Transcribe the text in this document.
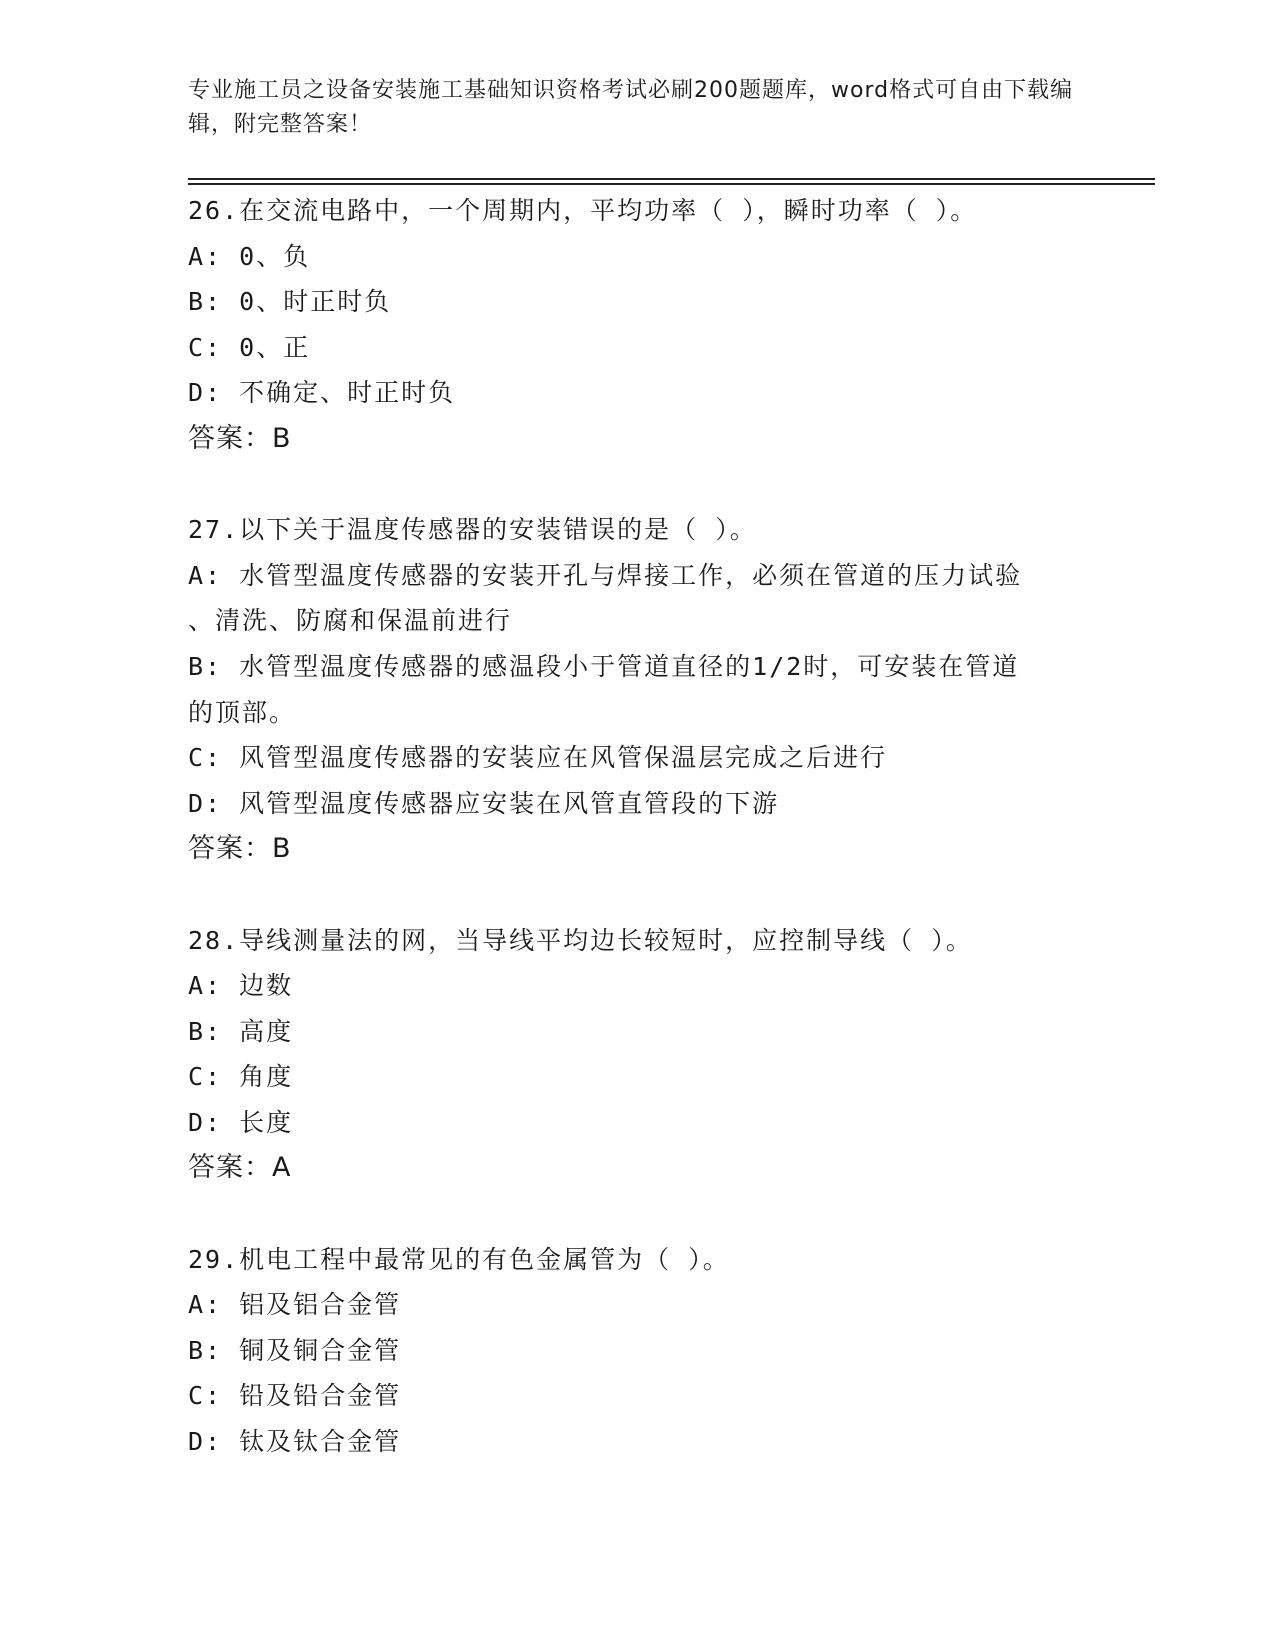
专业施工员之设备安装施工基础知识资格考试必刷200题题库，word格式可自由下载编辑，附完整答案！
26.在交流电路中，一个周期内，平均功率（ ），瞬时功率（ ）。
A: 0、负
B: 0、时正时负
C: 0、正
D: 不确定、时正时负
答案：B
27.以下关于温度传感器的安装错误的是（ ）。
A: 水管型温度传感器的安装开孔与焊接工作，必须在管道的压力试验
、清洗、防腐和保温前进行
B: 水管型温度传感器的感温段小于管道直径的1/2时，可安装在管道
的顶部。
C: 风管型温度传感器的安装应在风管保温层完成之后进行
D: 风管型温度传感器应安装在风管直管段的下游
答案：B
28.导线测量法的网，当导线平均边长较短时，应控制导线（ ）。
A: 边数
B: 高度
C: 角度
D: 长度
答案：A
29.机电工程中最常见的有色金属管为（ ）。
A: 铝及铝合金管
B: 铜及铜合金管
C: 铅及铅合金管
D: 钛及钛合金管
